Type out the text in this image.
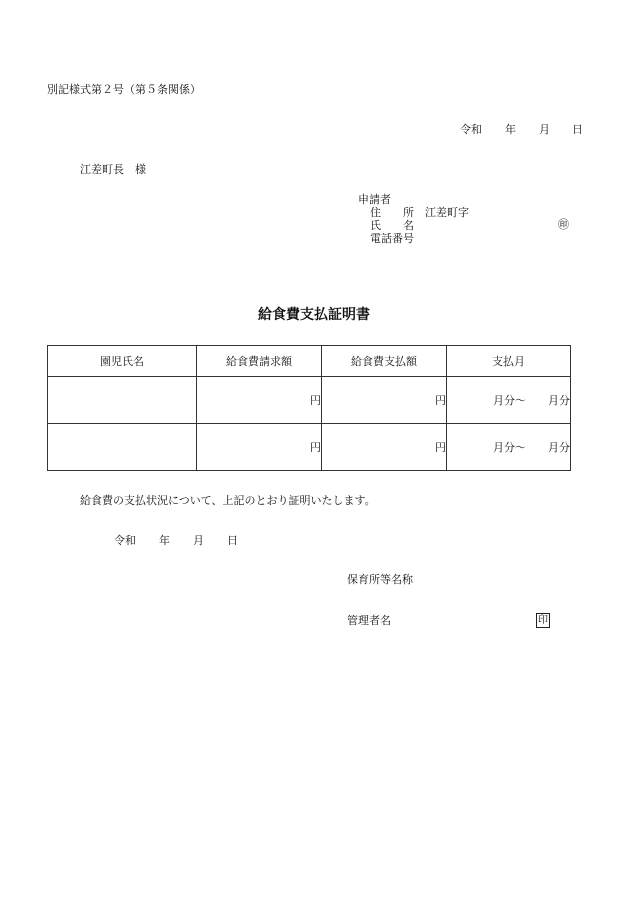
別記様式第２号（第５条関係）
令和 年 月 日
江差町長　様
申請者
住　　所 江差町字
氏　　名	㊞
電話番号
給食費支払証明書
園児氏名	給食費請求額	給食費支払額	支払月
	円	円	月分～　　月分
	円	円	月分～　　月分
給食費の支払状況について、上記のとおり証明いたします。
令和 年 月 日
保育所等名称
管理者名	印
